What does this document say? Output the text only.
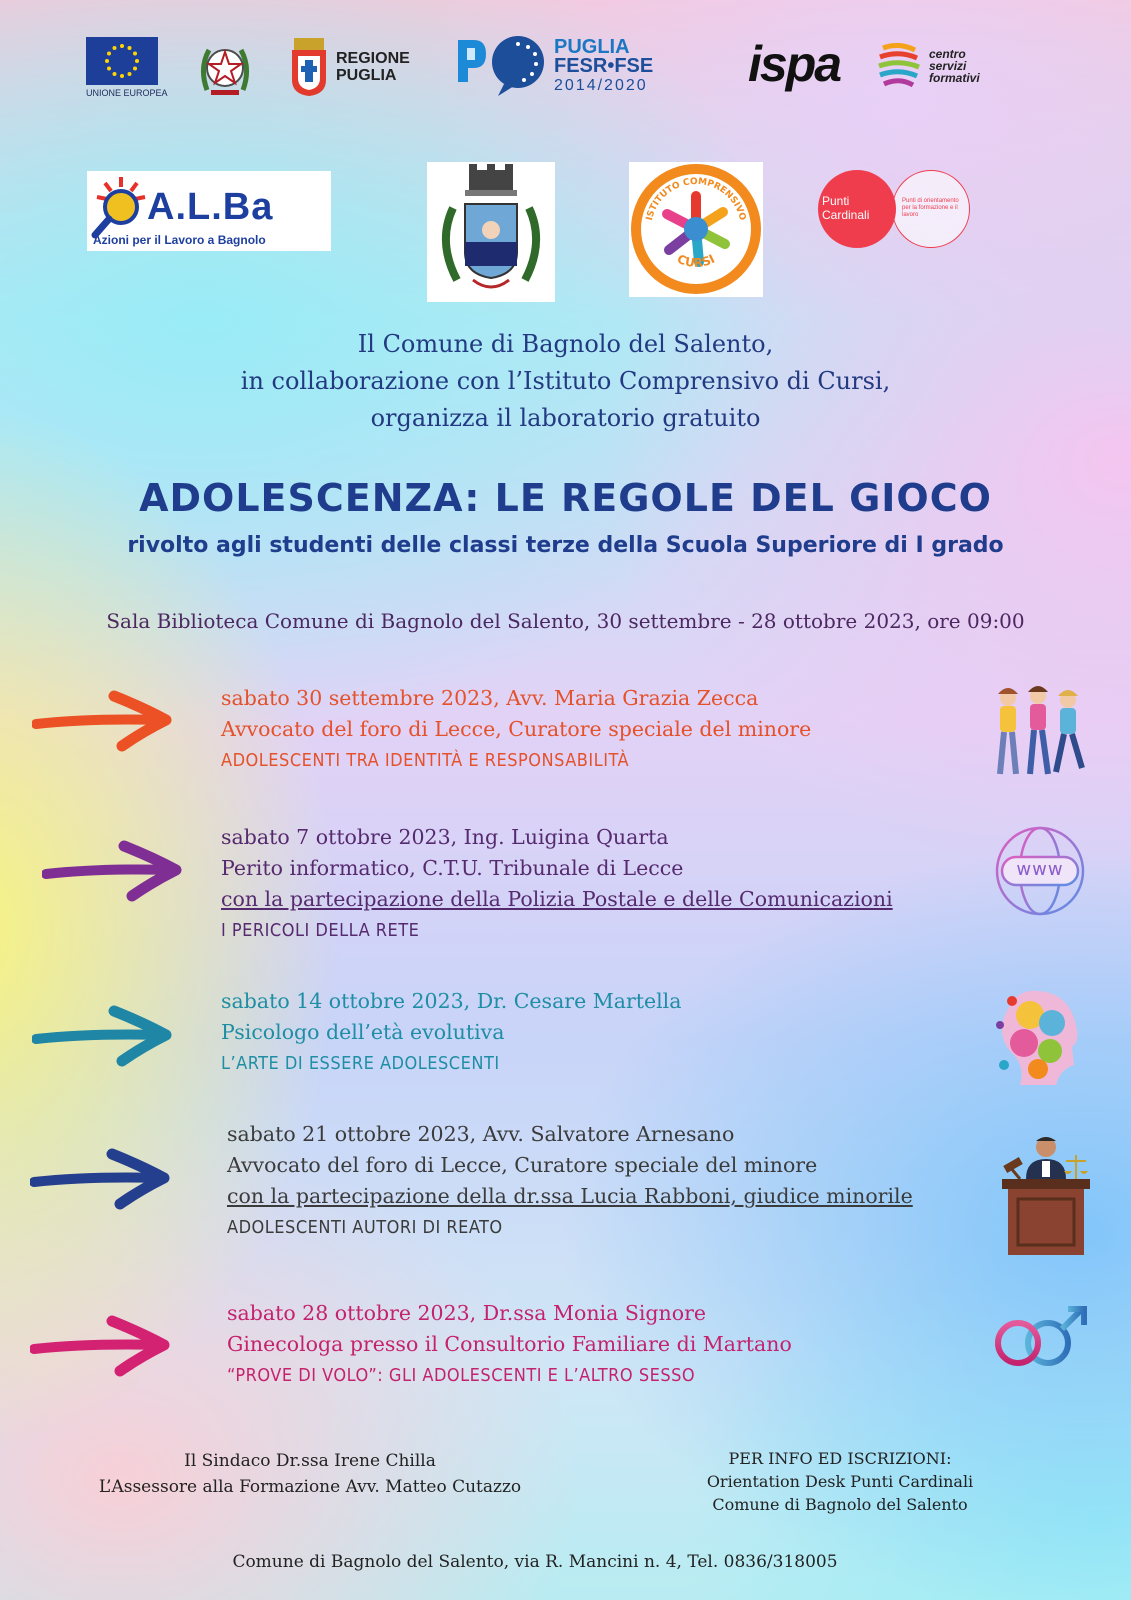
UNIONE EUROPEA
REGIONE
PUGLIA
PUGLIA
FESR•FSE
2014/2020 ispa	centro
servizi
formativi
A.L.Ba
Azioni per il Lavoro a Bagnolo
ISTITUTO COMPRENSIVO
CURSI
Punti
Cardinali
Punti di orientamento per la formazione e il lavoro
Il Comune di Bagnolo del Salento,
in collaborazione con l’Istituto Comprensivo di Cursi,
organizza il laboratorio gratuito
ADOLESCENZA: LE REGOLE DEL GIOCO
rivolto agli studenti delle classi terze della Scuola Superiore di I grado
Sala Biblioteca Comune di Bagnolo del Salento, 30 settembre - 28 ottobre 2023, ore 09:00
sabato 30 settembre 2023, Avv. Maria Grazia Zecca
Avvocato del foro di Lecce, Curatore speciale del minore
ADOLESCENTI TRA IDENTITÀ E RESPONSABILITÀ
sabato 7 ottobre 2023, Ing. Luigina Quarta
Perito informatico, C.T.U. Tribunale di Lecce
con la partecipazione della Polizia Postale e delle Comunicazioni
I PERICOLI DELLA RETE
sabato 14 ottobre 2023, Dr. Cesare Martella
Psicologo dell’età evolutiva
L’ARTE DI ESSERE ADOLESCENTI
sabato 21 ottobre 2023, Avv. Salvatore Arnesano
Avvocato del foro di Lecce, Curatore speciale del minore
con la partecipazione della dr.ssa Lucia Rabboni, giudice minorile
ADOLESCENTI AUTORI DI REATO
sabato 28 ottobre 2023, Dr.ssa Monia Signore
Ginecologa presso il Consultorio Familiare di Martano
“PROVE DI VOLO”: GLI ADOLESCENTI E L’ALTRO SESSO
www
Il Sindaco Dr.ssa Irene Chilla
L’Assessore alla Formazione Avv. Matteo Cutazzo
PER INFO ED ISCRIZIONI:
Orientation Desk Punti Cardinali
Comune di Bagnolo del Salento
Comune di Bagnolo del Salento, via R. Mancini n. 4, Tel. 0836/318005
